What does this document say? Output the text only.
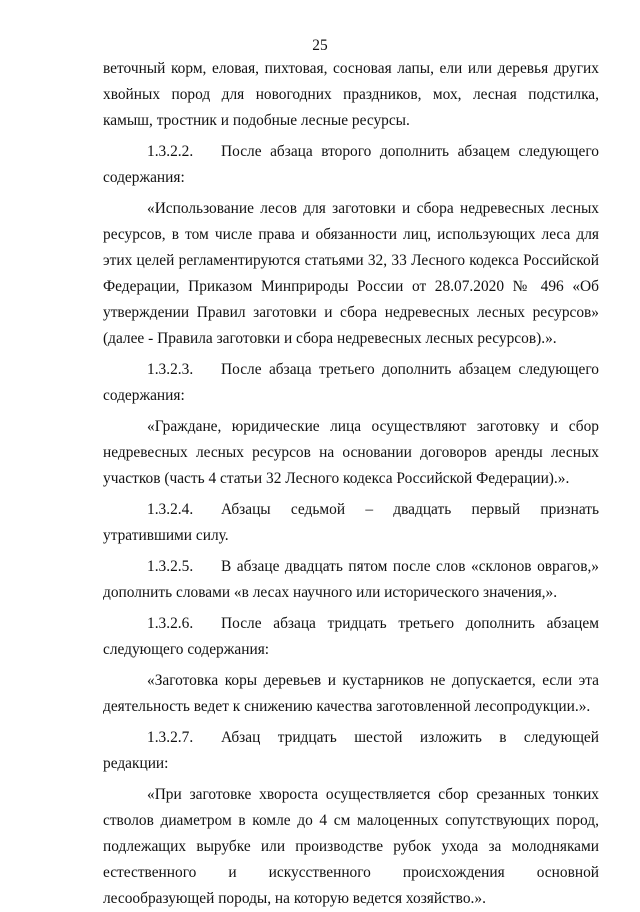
25

веточный корм, еловая, пихтовая, сосновая лапы, ели или деревья других хвойных пород для новогодних праздников, мох, лесная подстилка, камыш, тростник и подобные лесные ресурсы.

1.3.2.2. После абзаца второго дополнить абзацем следующего содержания:

«Использование лесов для заготовки и сбора недревесных лесных ресурсов, в том числе права и обязанности лиц, использующих леса для этих целей регламентируются статьями 32, 33 Лесного кодекса Российской Федерации, Приказом Минприроды России от 28.07.2020 № 496 «Об утверждении Правил заготовки и сбора недревесных лесных ресурсов» (далее - Правила заготовки и сбора недревесных лесных ресурсов).».

1.3.2.3. После абзаца третьего дополнить абзацем следующего содержания:

«Граждане, юридические лица осуществляют заготовку и сбор недревесных лесных ресурсов на основании договоров аренды лесных участков (часть 4 статьи 32 Лесного кодекса Российской Федерации).».

1.3.2.4. Абзацы седьмой – двадцать первый признать утратившими силу.

1.3.2.5. В абзаце двадцать пятом после слов «склонов оврагов,» дополнить словами «в лесах научного или исторического значения,».

1.3.2.6. После абзаца тридцать третьего дополнить абзацем следующего содержания:

«Заготовка коры деревьев и кустарников не допускается, если эта деятельность ведет к снижению качества заготовленной лесопродукции.».

1.3.2.7. Абзац тридцать шестой изложить в следующей редакции:

«При заготовке хвороста осуществляется сбор срезанных тонких стволов диаметром в комле до 4 см малоценных сопутствующих пород, подлежащих вырубке или производстве рубок ухода за молодняками естественного и искусственного происхождения основной лесообразующей породы, на которую ведется хозяйство.».
